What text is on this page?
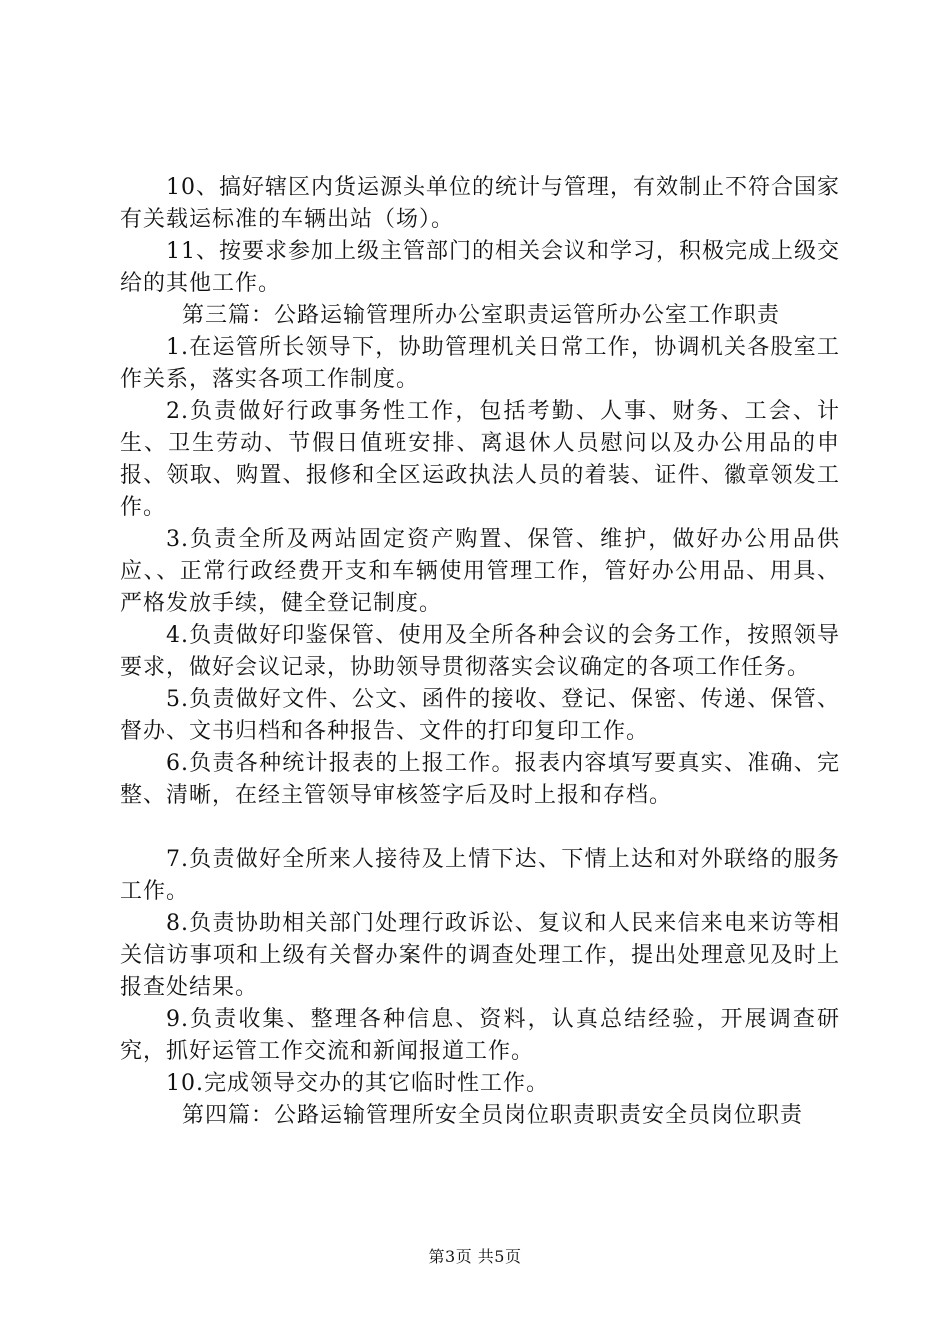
10、搞好辖区内货运源头单位的统计与管理，有效制止不符合国家有关载运标准的车辆出站（场）。

11、按要求参加上级主管部门的相关会议和学习，积极完成上级交给的其他工作。

第三篇：公路运输管理所办公室职责运管所办公室工作职责

1.在运管所长领导下，协助管理机关日常工作，协调机关各股室工作关系，落实各项工作制度。

2.负责做好行政事务性工作，包括考勤、人事、财务、工会、计生、卫生劳动、节假日值班安排、离退休人员慰问以及办公用品的申报、领取、购置、报修和全区运政执法人员的着装、证件、徽章领发工作。

3.负责全所及两站固定资产购置、保管、维护，做好办公用品供应、、正常行政经费开支和车辆使用管理工作，管好办公用品、用具、严格发放手续，健全登记制度。

4.负责做好印鉴保管、使用及全所各种会议的会务工作，按照领导要求，做好会议记录，协助领导贯彻落实会议确定的各项工作任务。

5.负责做好文件、公文、函件的接收、登记、保密、传递、保管、督办、文书归档和各种报告、文件的打印复印工作。

6.负责各种统计报表的上报工作。报表内容填写要真实、准确、完整、清晰，在经主管领导审核签字后及时上报和存档。

7.负责做好全所来人接待及上情下达、下情上达和对外联络的服务工作。

8.负责协助相关部门处理行政诉讼、复议和人民来信来电来访等相关信访事项和上级有关督办案件的调查处理工作，提出处理意见及时上报查处结果。

9.负责收集、整理各种信息、资料，认真总结经验，开展调查研究，抓好运管工作交流和新闻报道工作。

10.完成领导交办的其它临时性工作。

第四篇：公路运输管理所安全员岗位职责职责安全员岗位职责

第3页 共5页
